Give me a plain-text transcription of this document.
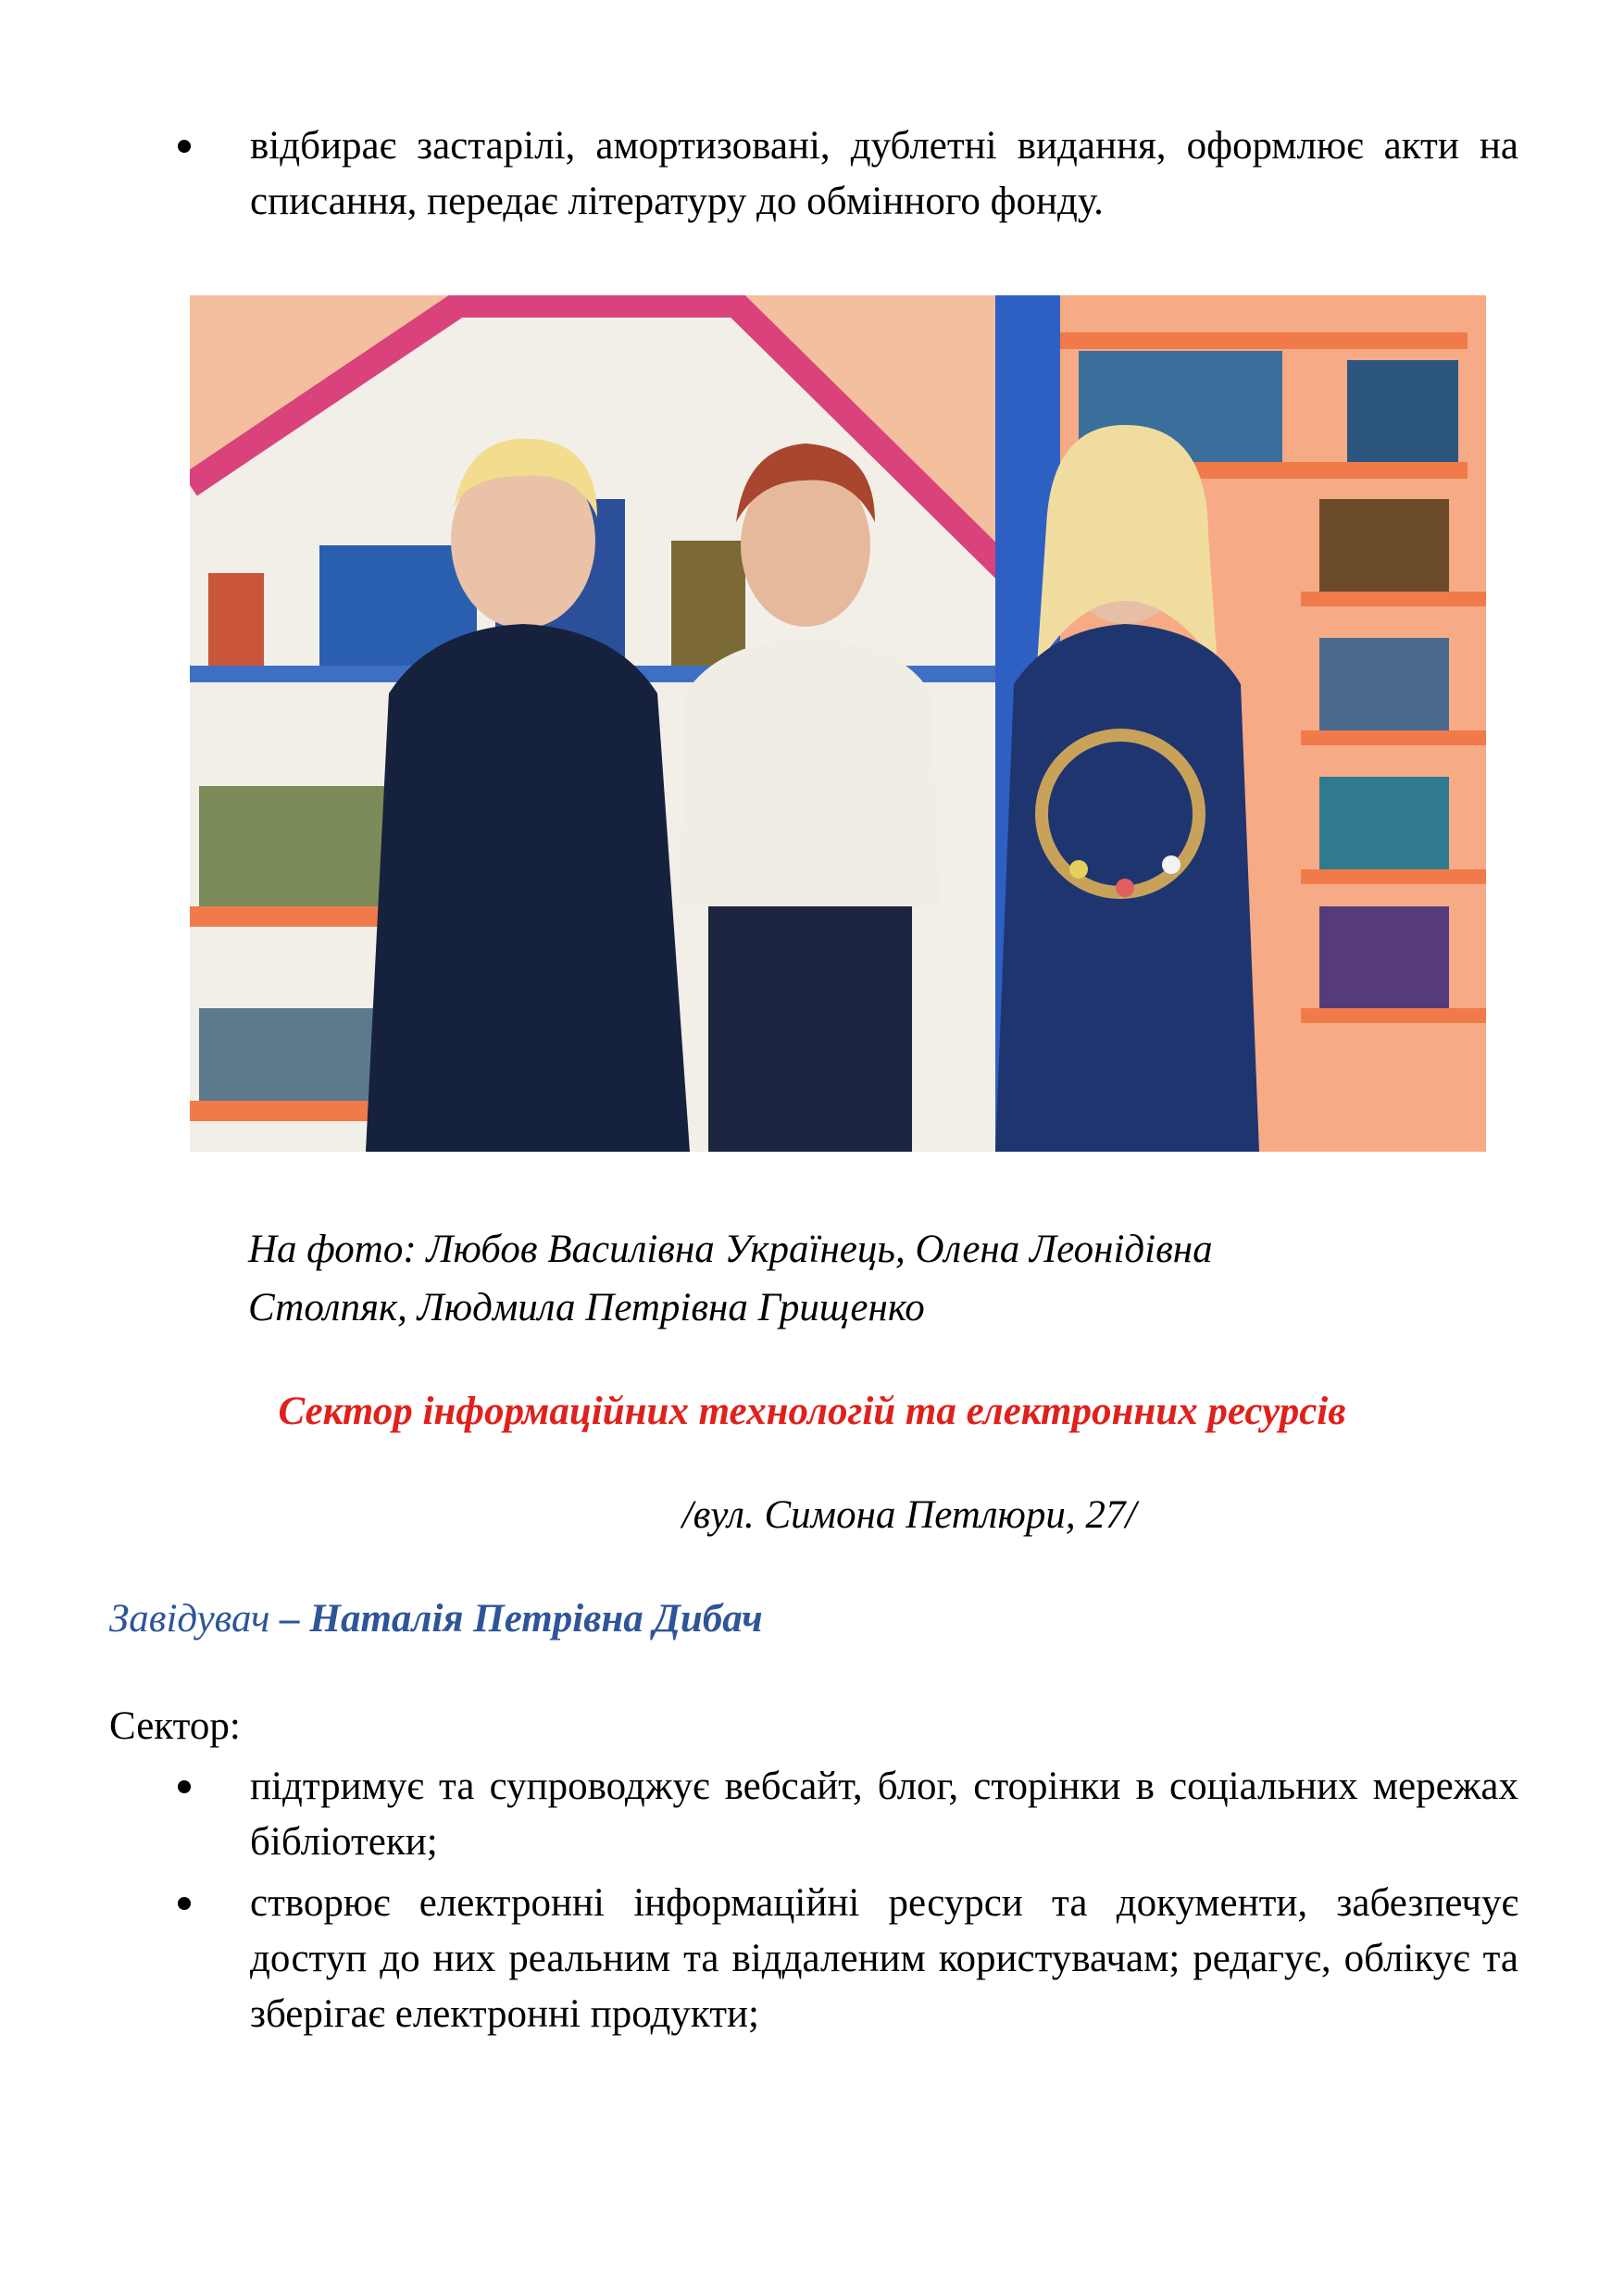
відбирає застарілі, амортизовані, дублетні видання, оформлює акти на списання, передає літературу до обмінного фонду.
На фото: Любов Василівна Українець, Олена Леонідівна
Столпяк, Людмила Петрівна Грищенко
Сектор інформаційних технологій та електронних ресурсів
/вул. Симона Петлюри, 27/
Завідувач – Наталія Петрівна Дибач
Сектор:
підтримує та супроводжує вебсайт, блог, сторінки в соціальних мережах бібліотеки;
створює електронні інформаційні ресурси та документи, забезпечує доступ до них реальним та віддаленим користувачам; редагує, облікує та зберігає електронні продукти;
